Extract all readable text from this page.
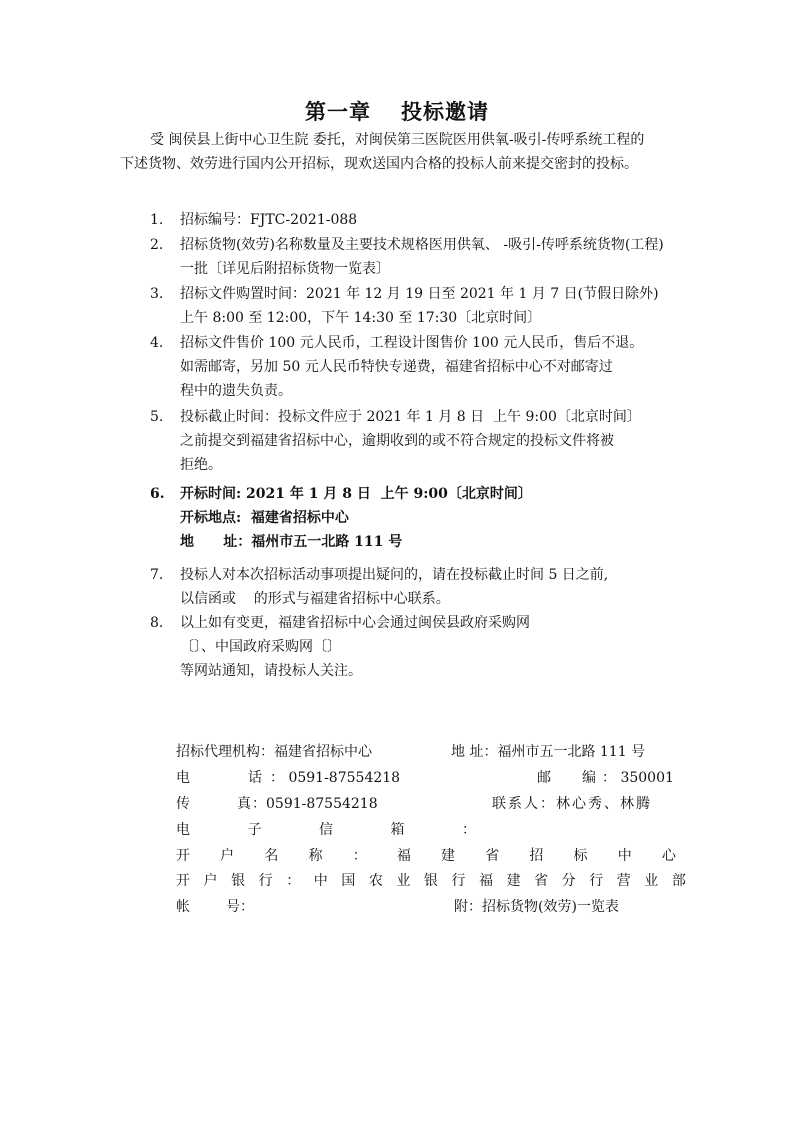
第一章 投标邀请
受 闽侯县上街中心卫生院 委托，对闽侯第三医院医用供氧-吸引-传呼系统工程的下述货物、效劳进行国内公开招标，现欢送国内合格的投标人前来提交密封的投标。
1.	招标编号：FJTC-2021-088
2.	招标货物(效劳)名称数量及主要技术规格医用供氧、 -吸引-传呼系统货物(工程)
一批〔详见后附招标货物一览表〕
3.	招标文件购置时间：2021 年 12 月 19 日至 2021 年 1 月 7 日(节假日除外)
上午 8:00 至 12:00，下午 14:30 至 17:30〔北京时间〕
4.	招标文件售价 100 元人民币，工程设计图售价 100 元人民币，售后不退。
如需邮寄，另加 50 元人民币特快专递费，福建省招标中心不对邮寄过
程中的遗失负责。
5.	投标截止时间：投标文件应于 2021 年 1 月 8 日  上午 9:00〔北京时间〕
之前提交到福建省招标中心，逾期收到的或不符合规定的投标文件将被
拒绝。
6.	开标时间: 2021 年 1 月 8 日  上午 9:00〔北京时间〕
开标地点:  福建省招标中心
地      址：福州市五一北路 111 号
7.	投标人对本次招标活动事项提出疑问的，请在投标截止时间 5 日之前,
以信函或    的形式与福建省招标中心联系。
8.	以上如有变更，福建省招标中心会通过闽侯县政府采购网
〔〕、中国政府采购网〔〕
等网站通知，请投标人关注。
招标代理机构：福建省招标中心	地 址：福州市五一北路 111 号
电	话 ： 0591-87554218	邮 编 ： 350001
传	真 ：0591-87554218	联系人：林心秀、林腾
电	子	信	箱	：
开 户 名 称 ： 福 建 省 招 标 中 心
开 户 银 行 ： 中 国 农 业 银 行 福 建 省 分 行 营 业 部
帐	号：	附：招标货物(效劳)一览表
